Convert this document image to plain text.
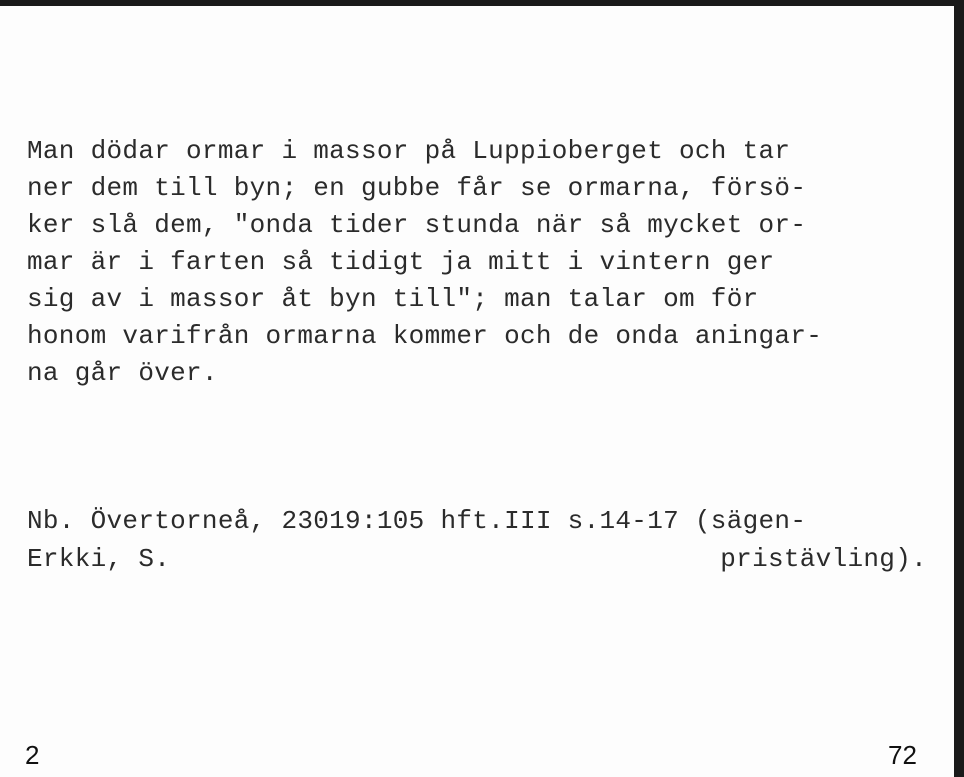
Man dödar ormar i massor på Luppioberget och tar
ner dem till byn; en gubbe får se ormarna, försö-
ker slå dem, "onda tider stunda när så mycket or-
mar är i farten så tidigt ja mitt i vintern ger
sig av i massor åt byn till"; man talar om för
honom varifrån ormarna kommer och de onda aningar-
na går över.
Nb. Övertorneå, 23019:105 hft.III s.14-17 (sägen-
Erkki, S.	pristävling).
2	72
